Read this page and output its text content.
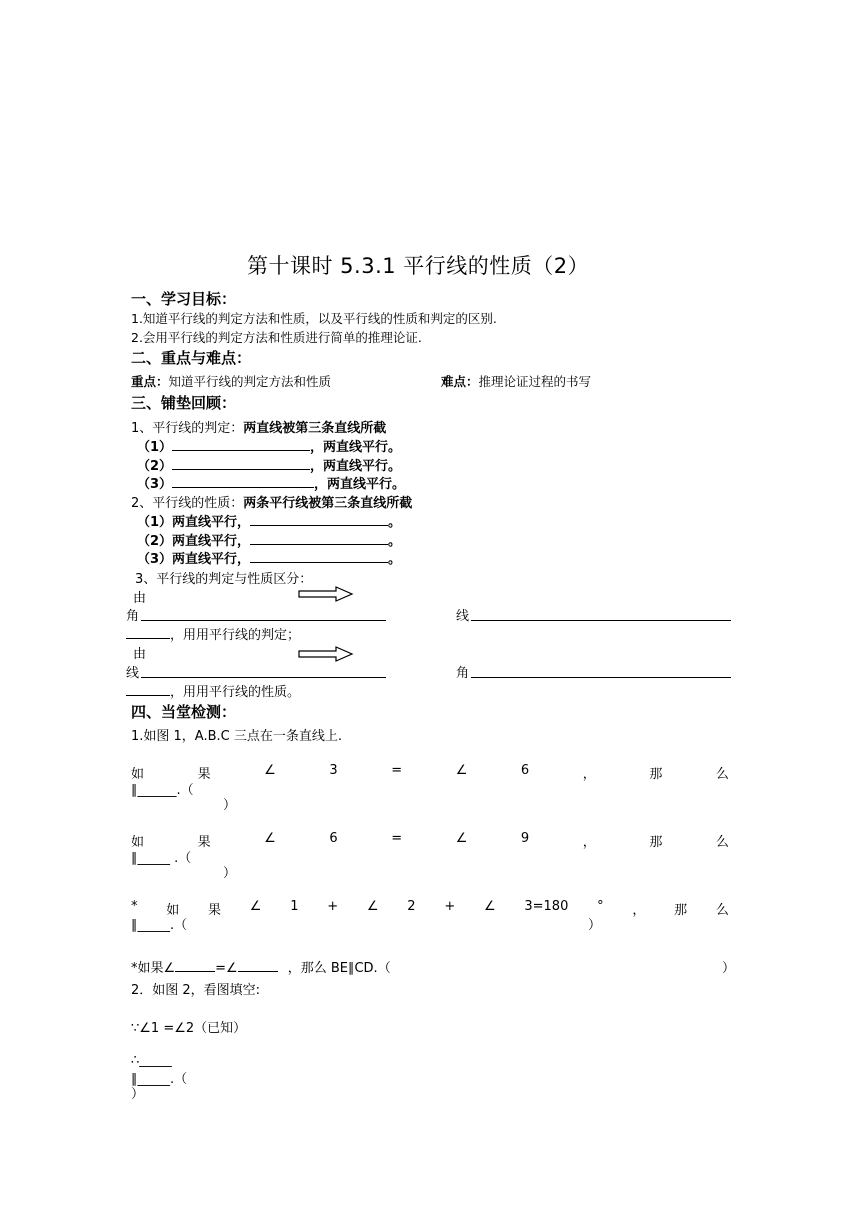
第十课时 5.3.1 平行线的性质（2）
一、学习目标：
1.知道平行线的判定方法和性质，以及平行线的性质和判定的区别.
2.会用平行线的判定方法和性质进行简单的推理论证.
二、重点与难点：
重点：知道平行线的判定方法和性质	难点：推理论证过程的书写
三、铺垫回顾：
1、平行线的判定：两直线被第三条直线所截
（1）	，两直线平行。
（2）	，两直线平行。
（3）	，两直线平行。
2、平行线的性质：两条平行线被第三条直线所截
（1）两直线平行，	。
（2）两直线平行，	。
（3）两直线平行，	。
3、平行线的判定与性质区分：
由
角	线
，用用平行线的判定；
由
线	角
，用用平行线的性质。
四、当堂检测：
1.如图 1，A.B.C 三点在一条直线上.
如	果	∠	3	=	∠	6	，	那	么
∥______.（
）
如	果	∠	6	=	∠	9	，	那	么
∥_____ .（
）
* 如 果 ∠ 1 + ∠ 2 + ∠ 3=180 ° ， 那 么
∥_____.（	）
*如果∠	=∠	，那么 BE∥CD.（	）
2．如图 2，看图填空:
∵∠1 =∠2（已知）
∴_____
∥_____.（
）
